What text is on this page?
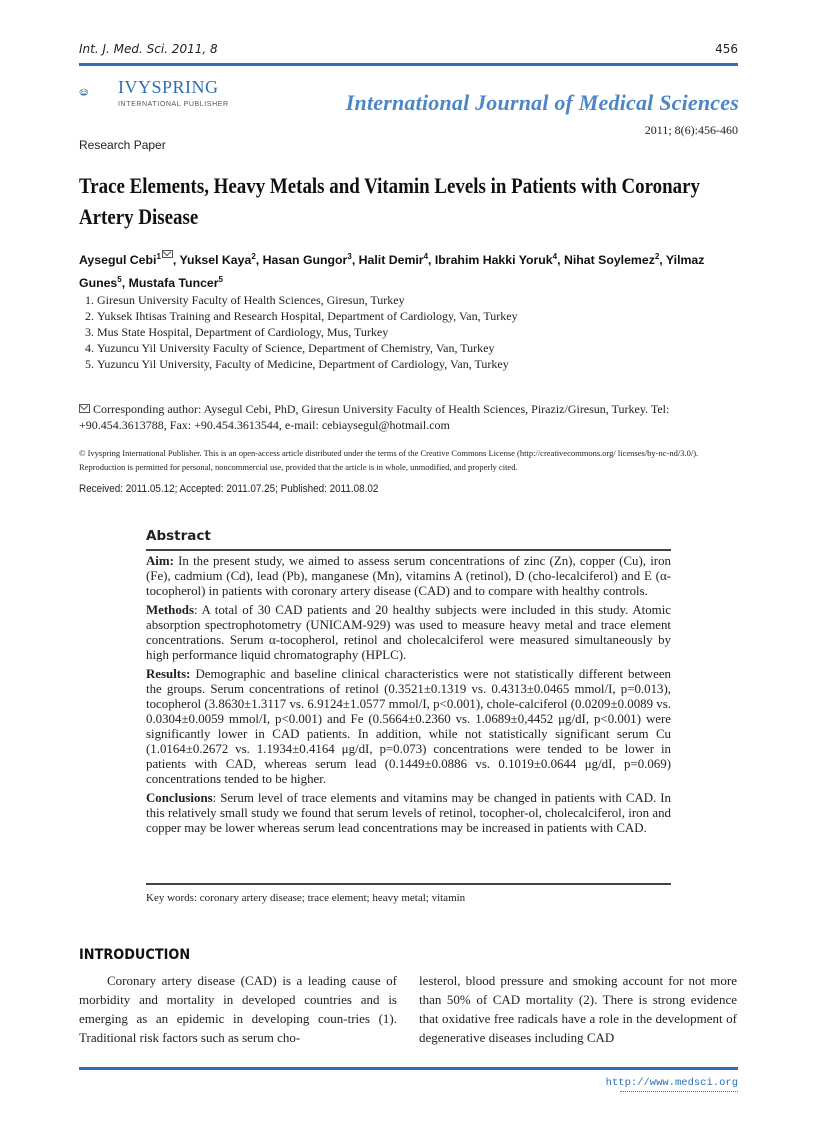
Int. J. Med. Sci. 2011, 8	456
IVYSPRING
INTERNATIONAL PUBLISHER	International Journal of Medical Sciences
2011; 8(6):456-460
Research Paper
Trace Elements, Heavy Metals and Vitamin Levels in Patients with Coronary Artery Disease
Aysegul Cebi$^1$ , Yuksel Kaya$^2$, Hasan Gungor$^3$, Halit Demir$^4$, Ibrahim Hakki Yoruk$^4$, Nihat Soylemez$^2$, Yilmaz Gunes$^5$, Mustafa Tuncer$^5$
1. Giresun University Faculty of Health Sciences, Giresun, Turkey
2. Yuksek Ihtisas Training and Research Hospital, Department of Cardiology, Van, Turkey
3. Mus State Hospital, Department of Cardiology, Mus, Turkey
4. Yuzuncu Yil University Faculty of Science, Department of Chemistry, Van, Turkey
5. Yuzuncu Yil University, Faculty of Medicine, Department of Cardiology, Van, Turkey
Corresponding author: Aysegul Cebi, PhD, Giresun University Faculty of Health Sciences, Piraziz/Giresun, Turkey. Tel: +90.454.3613788, Fax: +90.454.3613544, e-mail: cebiaysegul@hotmail.com
© Ivyspring International Publisher. This is an open-access article distributed under the terms of the Creative Commons License (http://creativecommons.org/ licenses/by-nc-nd/3.0/). Reproduction is permitted for personal, noncommercial use, provided that the article is in whole, unmodified, and properly cited.
Received: 2011.05.12; Accepted: 2011.07.25; Published: 2011.08.02
Abstract

Aim: In the present study, we aimed to assess serum concentrations of zinc (Zn), copper (Cu), iron (Fe), cadmium (Cd), lead (Pb), manganese (Mn), vitamins A (retinol), D (cho-lecalciferol) and E (α-tocopherol) in patients with coronary artery disease (CAD) and to compare with healthy controls.

Methods: A total of 30 CAD patients and 20 healthy subjects were included in this study. Atomic absorption spectrophotometry (UNICAM-929) was used to measure heavy metal and trace element concentrations. Serum α-tocopherol, retinol and cholecalciferol were measured simultaneously by high performance liquid chromatography (HPLC).

Results: Demographic and baseline clinical characteristics were not statistically different between the groups. Serum concentrations of retinol (0.3521±0.1319 vs. 0.4313±0.0465 mmol/I, p=0.013), tocopherol (3.8630±1.3117 vs. 6.9124±1.0577 mmol/I, p<0.001), chole-calciferol (0.0209±0.0089 vs. 0.0304±0.0059 mmol/I, p<0.001) and Fe (0.5664±0.2360 vs. 1.0689±0,4452 μg/dI, p<0.001) were significantly lower in CAD patients. In addition, while not statistically significant serum Cu (1.0164±0.2672 vs. 1.1934±0.4164 μg/dI, p=0.073) concentrations were tended to be lower in patients with CAD, whereas serum lead (0.1449±0.0886 vs. 0.1019±0.0644 μg/dI, p=0.069) concentrations tended to be higher.

Conclusions: Serum level of trace elements and vitamins may be changed in patients with CAD. In this relatively small study we found that serum levels of retinol, tocopher-ol, cholecalciferol, iron and copper may be lower whereas serum lead concentrations may be increased in patients with CAD.

Key words: coronary artery disease; trace element; heavy metal; vitamin
INTRODUCTION
Coronary artery disease (CAD) is a leading cause of morbidity and mortality in developed countries and is emerging as an epidemic in developing coun-tries (1). Traditional risk factors such as serum cho-
lesterol, blood pressure and smoking account for not more than 50% of CAD mortality (2). There is strong evidence that oxidative free radicals have a role in the development of degenerative diseases including CAD
http://www.medsci.org
